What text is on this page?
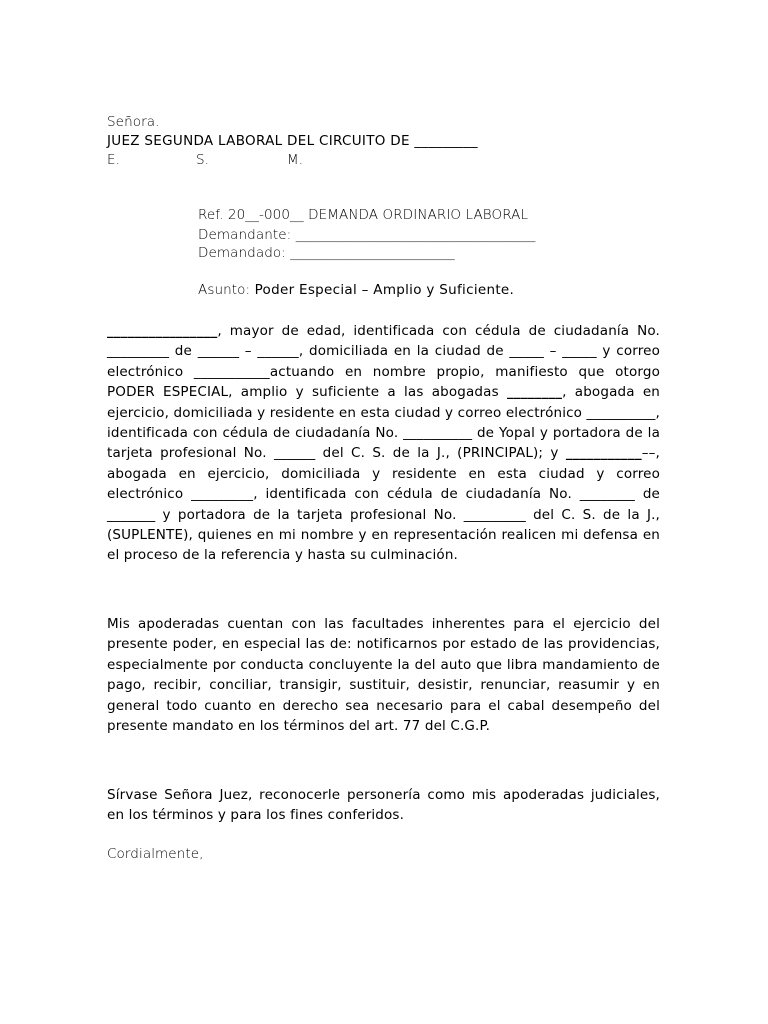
Señora.
JUEZ SEGUNDA LABORAL DEL CIRCUITO DE _________
E.	S.	M.
Ref. 20__-000__ DEMANDA ORDINARIO LABORAL
Demandante: ___________________________________
Demandado: ________________________
Asunto: Poder Especial – Amplio y Suficiente.

________________, mayor de edad, identificada con cédula de ciudadanía No. _________ de ______ – ______, domiciliada en la ciudad de _____ – _____ y correo electrónico ___________actuando en nombre propio, manifiesto que otorgo PODER ESPECIAL, amplio y suficiente a las abogadas ________, abogada en ejercicio, domiciliada y residente en esta ciudad y correo electrónico __________, identificada con cédula de ciudadanía No. __________ de Yopal y portadora de la tarjeta profesional No. ______ del C. S. de la J., (PRINCIPAL); y ___________––, abogada en ejercicio, domiciliada y residente en esta ciudad y correo electrónico _________, identificada con cédula de ciudadanía No. ________ de _______ y portadora de la tarjeta profesional No. _________ del C. S. de la J., (SUPLENTE), quienes en mi nombre y en representación realicen mi defensa en el proceso de la referencia y hasta su culminación.

Mis apoderadas cuentan con las facultades inherentes para el ejercicio del presente poder, en especial las de: notificarnos por estado de las providencias, especialmente por conducta concluyente la del auto que libra mandamiento de pago, recibir, conciliar, transigir, sustituir, desistir, renunciar, reasumir y en general todo cuanto en derecho sea necesario para el cabal desempeño del presente mandato en los términos del art. 77 del C.G.P.

Sírvase Señora Juez, reconocerle personería como mis apoderadas judiciales, en los términos y para los fines conferidos.

Cordialmente,
